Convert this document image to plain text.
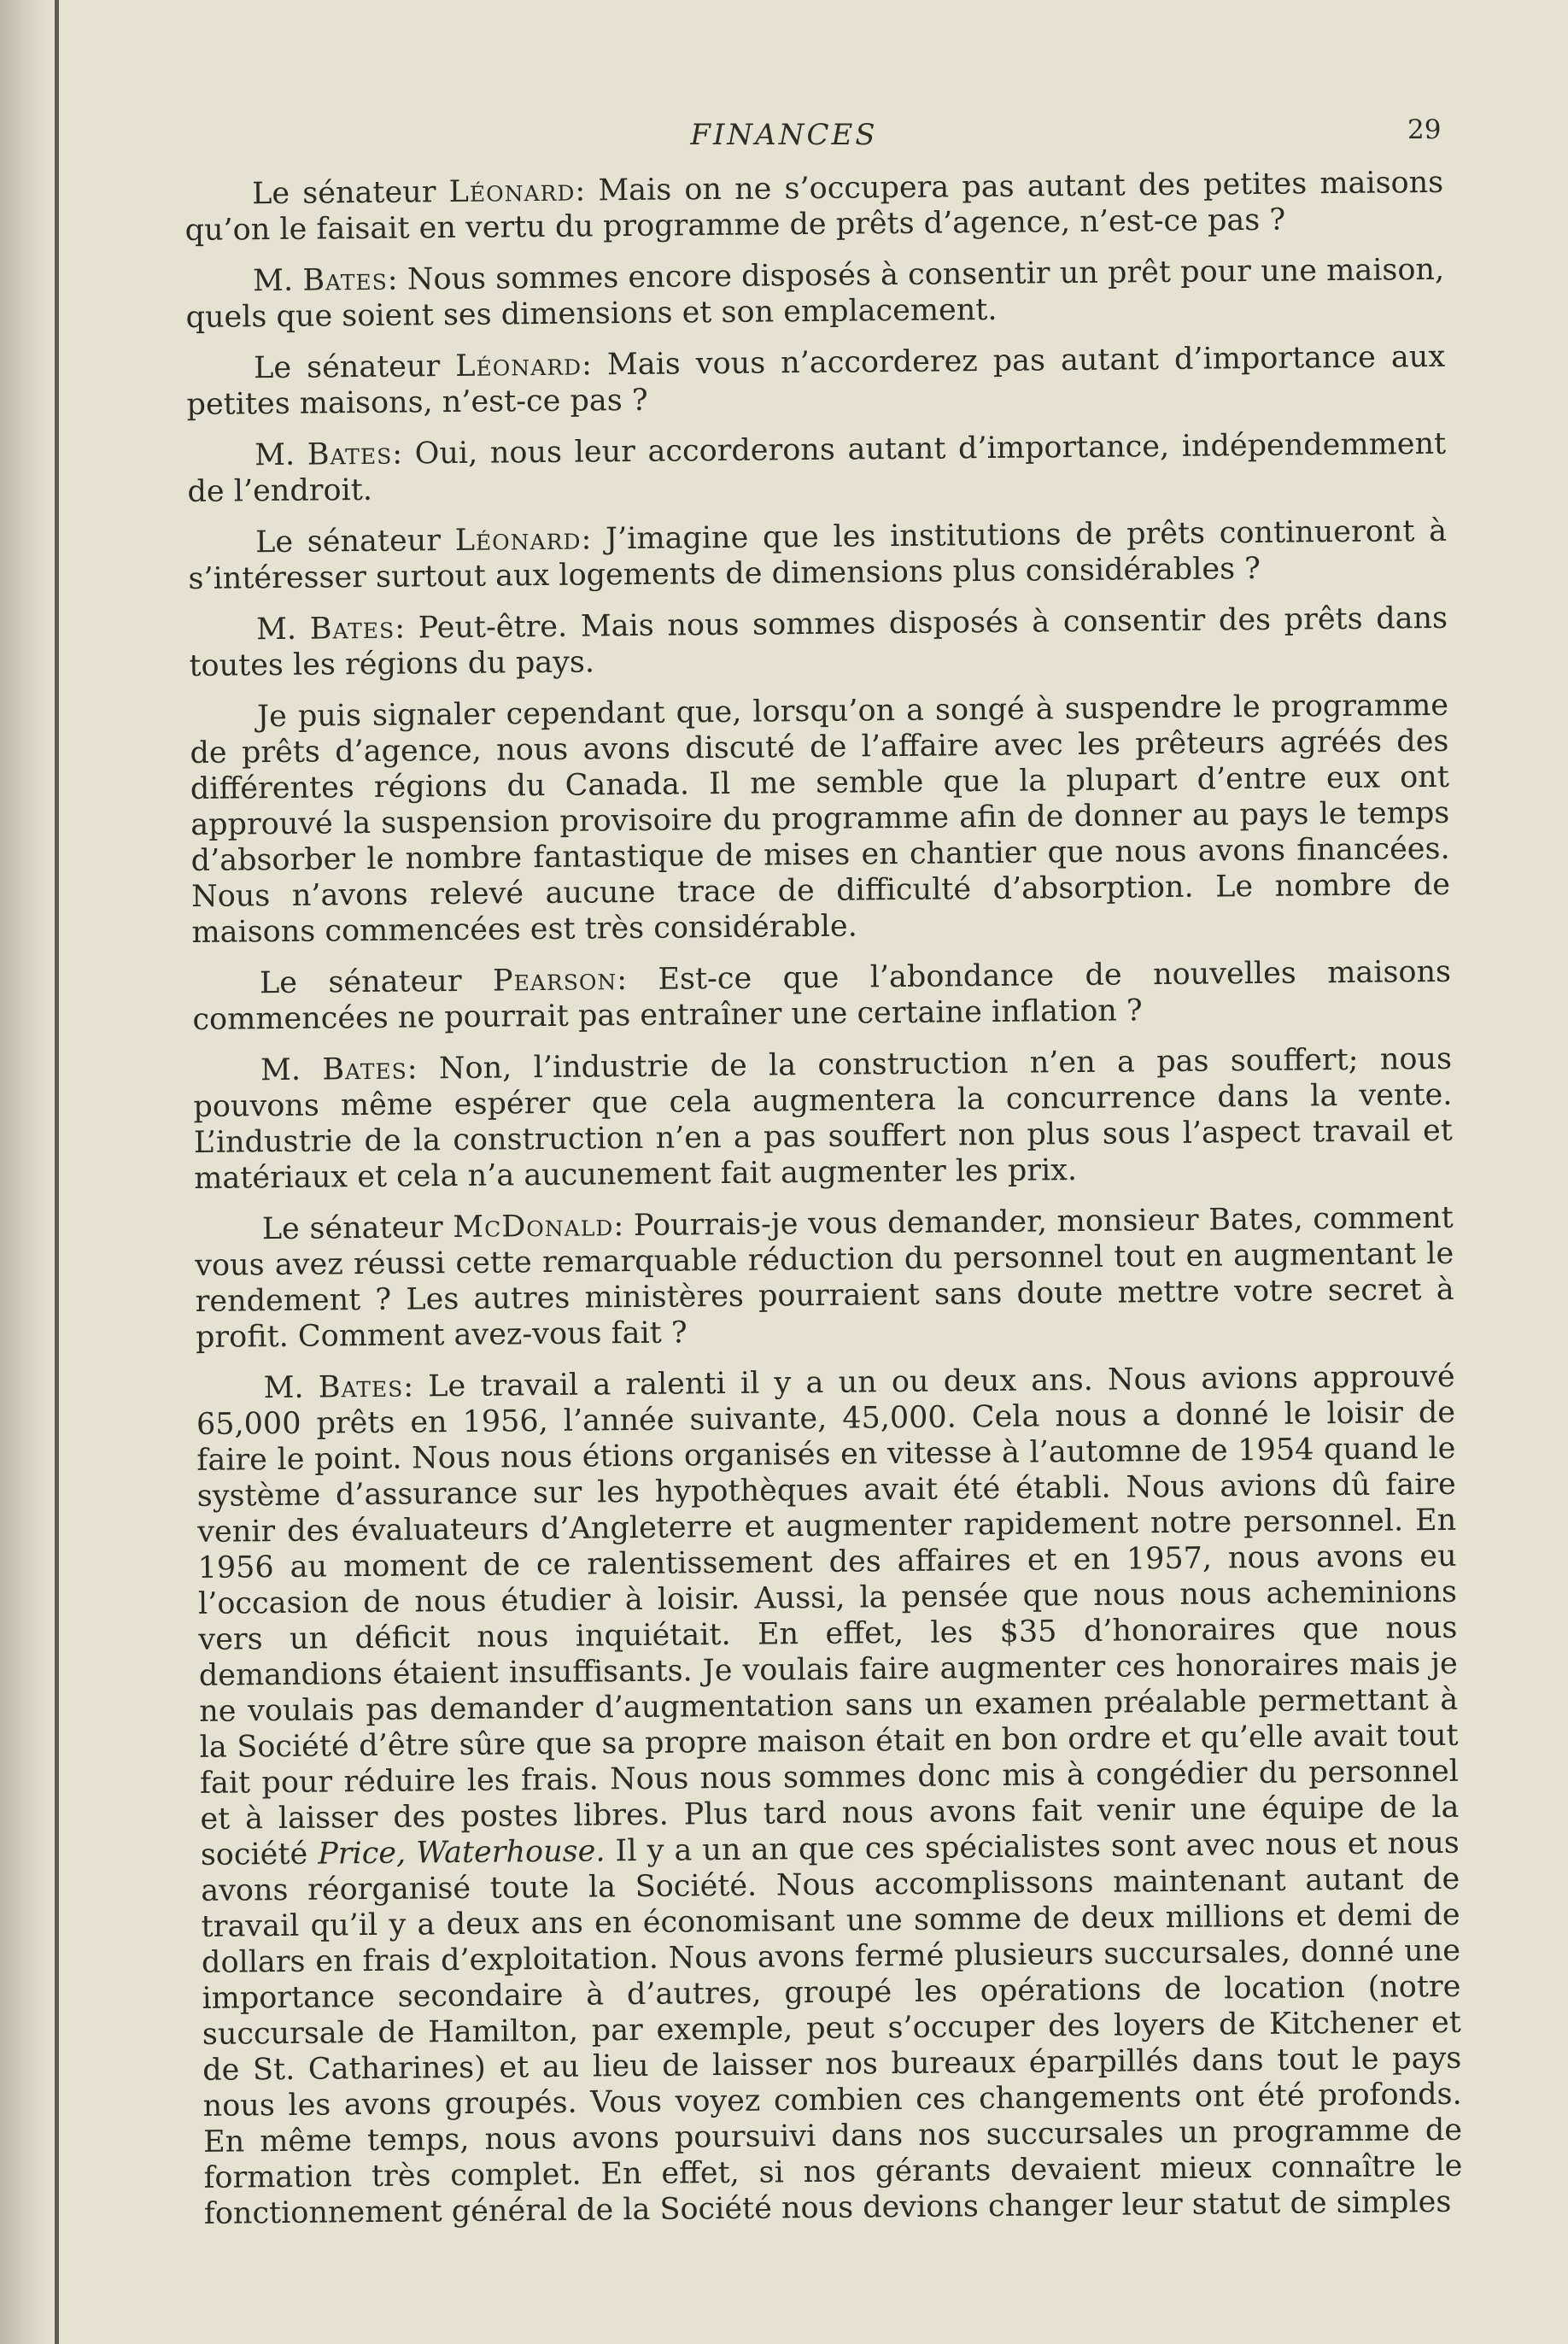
FINANCES	29

Le sénateur Léonard: Mais on ne s’occupera pas autant des petites maisons qu’on le faisait en vertu du programme de prêts d’agence, n’est-ce pas ?

M. Bates: Nous sommes encore disposés à consentir un prêt pour une maison, quels que soient ses dimensions et son emplacement.

Le sénateur Léonard: Mais vous n’accorderez pas autant d’importance aux petites maisons, n’est-ce pas ?

M. Bates: Oui, nous leur accorderons autant d’importance, indépendemment de l’endroit.

Le sénateur Léonard: J’imagine que les institutions de prêts continueront à s’intéresser surtout aux logements de dimensions plus considérables ?

M. Bates: Peut-être. Mais nous sommes disposés à consentir des prêts dans toutes les régions du pays.

Je puis signaler cependant que, lorsqu’on a songé à suspendre le programme de prêts d’agence, nous avons discuté de l’affaire avec les prêteurs agréés des différentes régions du Canada. Il me semble que la plupart d’entre eux ont approuvé la suspension provisoire du programme afin de donner au pays le temps d’absorber le nombre fantastique de mises en chantier que nous avons financées. Nous n’avons relevé aucune trace de difficulté d’absorption. Le nombre de maisons commencées est très considérable.

Le sénateur Pearson: Est-ce que l’abondance de nouvelles maisons commencées ne pourrait pas entraîner une certaine inflation ?

M. Bates: Non, l’industrie de la construction n’en a pas souffert; nous pouvons même espérer que cela augmentera la concurrence dans la vente. L’industrie de la construction n’en a pas souffert non plus sous l’aspect travail et matériaux et cela n’a aucunement fait augmenter les prix.

Le sénateur McDonald: Pourrais-je vous demander, monsieur Bates, comment vous avez réussi cette remarquable réduction du personnel tout en augmentant le rendement ? Les autres ministères pourraient sans doute mettre votre secret à profit. Comment avez-vous fait ?

M. Bates: Le travail a ralenti il y a un ou deux ans. Nous avions approuvé 65,000 prêts en 1956, l’année suivante, 45,000. Cela nous a donné le loisir de faire le point. Nous nous étions organisés en vitesse à l’automne de 1954 quand le système d’assurance sur les hypothèques avait été établi. Nous avions dû faire venir des évaluateurs d’Angleterre et augmenter rapidement notre personnel. En 1956 au moment de ce ralentissement des affaires et en 1957, nous avons eu l’occasion de nous étudier à loisir. Aussi, la pensée que nous nous acheminions vers un déficit nous inquiétait. En effet, les $35 d’honoraires que nous demandions étaient insuffisants. Je voulais faire augmenter ces honoraires mais je ne voulais pas demander d’augmentation sans un examen préalable permettant à la Société d’être sûre que sa propre maison était en bon ordre et qu’elle avait tout fait pour réduire les frais. Nous nous sommes donc mis à congédier du personnel et à laisser des postes libres. Plus tard nous avons fait venir une équipe de la société Price, Waterhouse. Il y a un an que ces spécialistes sont avec nous et nous avons réorganisé toute la Société. Nous accomplissons maintenant autant de travail qu’il y a deux ans en économisant une somme de deux millions et demi de dollars en frais d’exploitation. Nous avons fermé plusieurs succursales, donné une importance secondaire à d’autres, groupé les opérations de location (notre succursale de Hamilton, par exemple, peut s’occuper des loyers de Kitchener et de St. Catharines) et au lieu de laisser nos bureaux éparpillés dans tout le pays nous les avons groupés. Vous voyez combien ces changements ont été profonds. En même temps, nous avons poursuivi dans nos succursales un programme de formation très complet. En effet, si nos gérants devaient mieux connaître le fonctionnement général de la Société nous devions changer leur statut de simples
